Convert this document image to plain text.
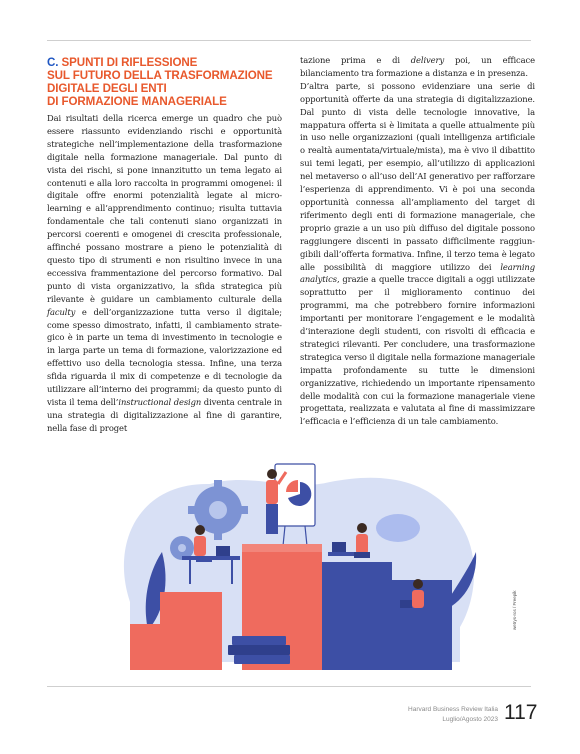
C. SPUNTI DI RIFLESSIONE
SUL FUTURO DELLA TRASFORMAZIONE
DIGITALE DEGLI ENTI
DI FORMAZIONE MANAGERIALE

Dai risultati della ricerca emerge un quadro che può essere riassunto evidenziando rischi e opportunità strategiche nell’implementazione della trasformazione digitale nella formazione manageriale. Dal punto di vista dei rischi, si pone innanzitutto un tema legato ai contenuti e alla loro raccolta in programmi omogenei: il digitale offre enormi potenzialità legate al micro-learning e all’apprendimento continuo; risulta tuttavia fondamentale che tali contenuti siano organizzati in percorsi coerenti e omogenei di crescita professionale, affinché possano mostrare a pieno le potenzialità di questo tipo di strumenti e non risultino invece in una eccessiva frammentazione del percorso formativo. Dal punto di vista organizzativo, la sfida strategica più rilevante è guidare un cambiamento culturale della faculty e dell’organizzazione tutta verso il digitale; come spesso dimostrato, infatti, il cambiamento strategico è in parte un tema di investimento in tecnologie e in larga parte un tema di formazione, valorizzazione ed effettivo uso della tecnologia stessa. Infine, una terza sfida riguarda il mix di competenze e di tecnologie da utilizzare all’interno dei programmi; da questo punto di vista il tema dell’instructional design diventa centrale in una strategia di digitalizzazione al fine di garantire, nella fase di proget

tazione prima e di delivery poi, un efficace bilanciamento tra formazione a distanza e in presenza.

D’altra parte, si possono evidenziare una serie di opportunità offerte da una strategia di digitalizzazione. Dal punto di vista delle tecnologie innovative, la mappatura offerta si è limitata a quelle attualmente più in uso nelle organizzazioni (quali intelligenza artificiale o realtà aumentata/virtuale/mista), ma è vivo il dibattito sui temi legati, per esempio, all’utilizzo di applicazioni nel metaverso o all’uso dell’AI generativo per rafforzare l’esperienza di apprendimento. Vi è poi una seconda opportunità connessa all’ampliamento del target di riferimento degli enti di formazione manageriale, che proprio grazie a un uso più diffuso del digitale possono raggiungere discenti in passato difficilmente raggiungibili dall’offerta formativa. Infine, il terzo tema è legato alle possibilità di maggiore utilizzo dei learning analytics, grazie a quelle tracce digitali a oggi utilizzate soprattutto per il miglioramento continuo dei programmi, ma che potrebbero fornire informazioni importanti per monitorare l’engagement e le modalità d’interazione degli studenti, con risvolti di efficacia e strategici rilevanti. Per concludere, una trasformazione strategica verso il digitale nella formazione manageriale impatta profondamente su tutte le dimensioni organizzative, richiedendo un importante ripensamento delle modalità con cui la formazione manageriale viene progettata, realizzata e valutata al fine di massimizzare l’efficacia e l’efficienza di un tale cambiamento.

wetrys-ros / Freepik
Harvard Business Review Italia
Luglio/Agosto 2023 117
